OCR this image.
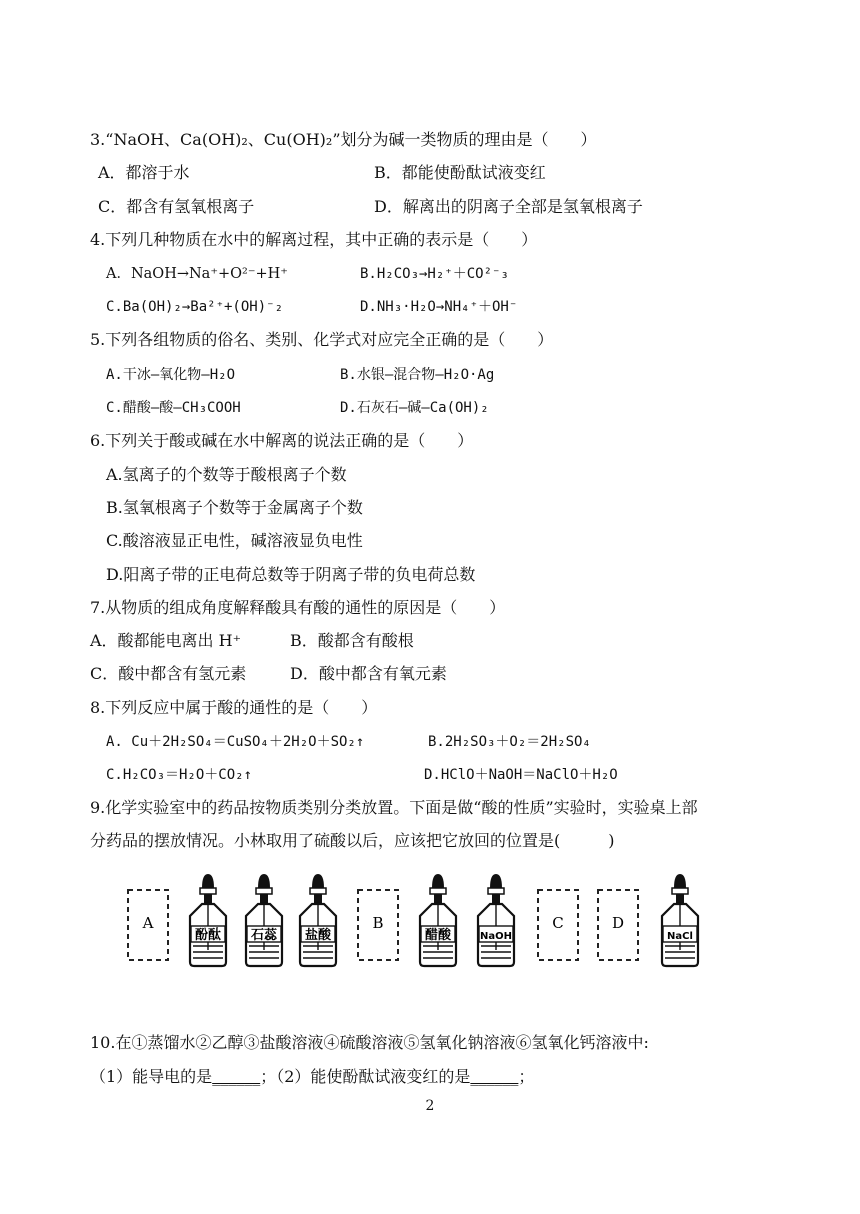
3.“NaOH、Ca(OH)₂、Cu(OH)₂”划分为碱一类物质的理由是（　　）
A．都溶于水	B．都能使酚酞试液变红
C．都含有氢氧根离子	D．解离出的阴离子全部是氢氧根离子
4.下列几种物质在水中的解离过程，其中正确的表示是（　　）
A．NaOH→Na⁺+O²⁻+H⁺	B.H₂CO₃→H₂⁺＋CO²⁻₃
C.Ba(OH)₂→Ba²⁺+(OH)⁻₂	D.NH₃·H₂O→NH₄⁺＋OH⁻
5.下列各组物质的俗名、类别、化学式对应完全正确的是（　　）
A.干冰—氧化物—H₂O	B.水银—混合物—H₂O·Ag
C.醋酸—酸—CH₃COOH	D.石灰石—碱—Ca(OH)₂
6.下列关于酸或碱在水中解离的说法正确的是（　　）
A.氢离子的个数等于酸根离子个数
B.氢氧根离子个数等于金属离子个数
C.酸溶液显正电性，碱溶液显负电性
D.阳离子带的正电荷总数等于阴离子带的负电荷总数
7.从物质的组成角度解释酸具有酸的通性的原因是（　　）
A．酸都能电离出 H⁺	B．酸都含有酸根
C．酸中都含有氢元素	D．酸中都含有氧元素
8.下列反应中属于酸的通性的是（　　）
A. Cu＋2H₂SO₄＝CuSO₄＋2H₂O＋SO₂↑	B.2H₂SO₃＋O₂＝2H₂SO₄
C.H₂CO₃＝H₂O＋CO₂↑	D.HClO＋NaOH＝NaClO＋H₂O
9.化学实验室中的药品按物质类别分类放置。下面是做“酸的性质”实验时，实验桌上部
分药品的摆放情况。小林取用了硫酸以后，应该把它放回的位置是(　　　)
A
酚酞 石蕊 盐酸
B
醋酸	NaOH
C	D
NaCl
10.在①蒸馏水②乙醇③盐酸溶液④硫酸溶液⑤氢氧化钠溶液⑥氢氧化钙溶液中:
（1）能导电的是______；（2）能使酚酞试液变红的是______；
2
